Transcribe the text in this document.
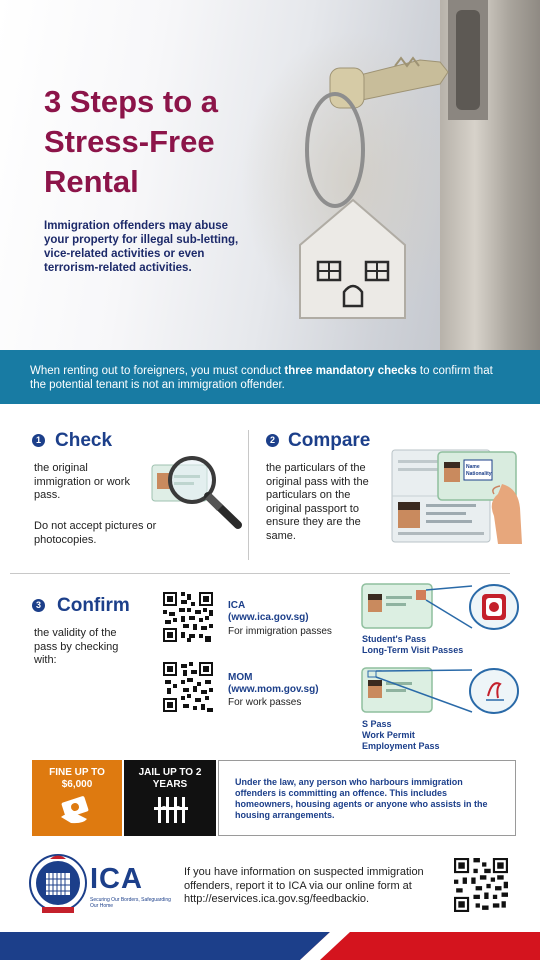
3 Steps to a Stress-Free Rental
Immigration offenders may abuse your property for illegal sub-letting, vice-related activities or even terrorism-related activities.
When renting out to foreigners, you must conduct three mandatory checks to confirm that the potential tenant is not an immigration offender.
1 Check
the original immigration or work pass.
Do not accept pictures or photocopies.
2 Compare
the particulars of the original pass with the particulars on the original passport to ensure they are the same.
Name
Nationality
3 Confirm
the validity of the pass by checking with:
ICA
(www.ica.gov.sg)
For immigration passes
MOM
(www.mom.gov.sg)
For work passes
Student's Pass
Long-Term Visit Passes
S Pass
Work Permit
Employment Pass
FINE UP TO $6,000
JAIL UP TO 2 YEARS	Under the law, any person who harbours immigration offenders is committing an offence. This includes homeowners, housing agents or anyone who assists in the housing arrangements.
ICA
Securing Our Borders, Safeguarding Our Home
If you have information on suspected immigration offenders, report it to ICA via our online form at http://eservices.ica.gov.sg/feedbackio.
